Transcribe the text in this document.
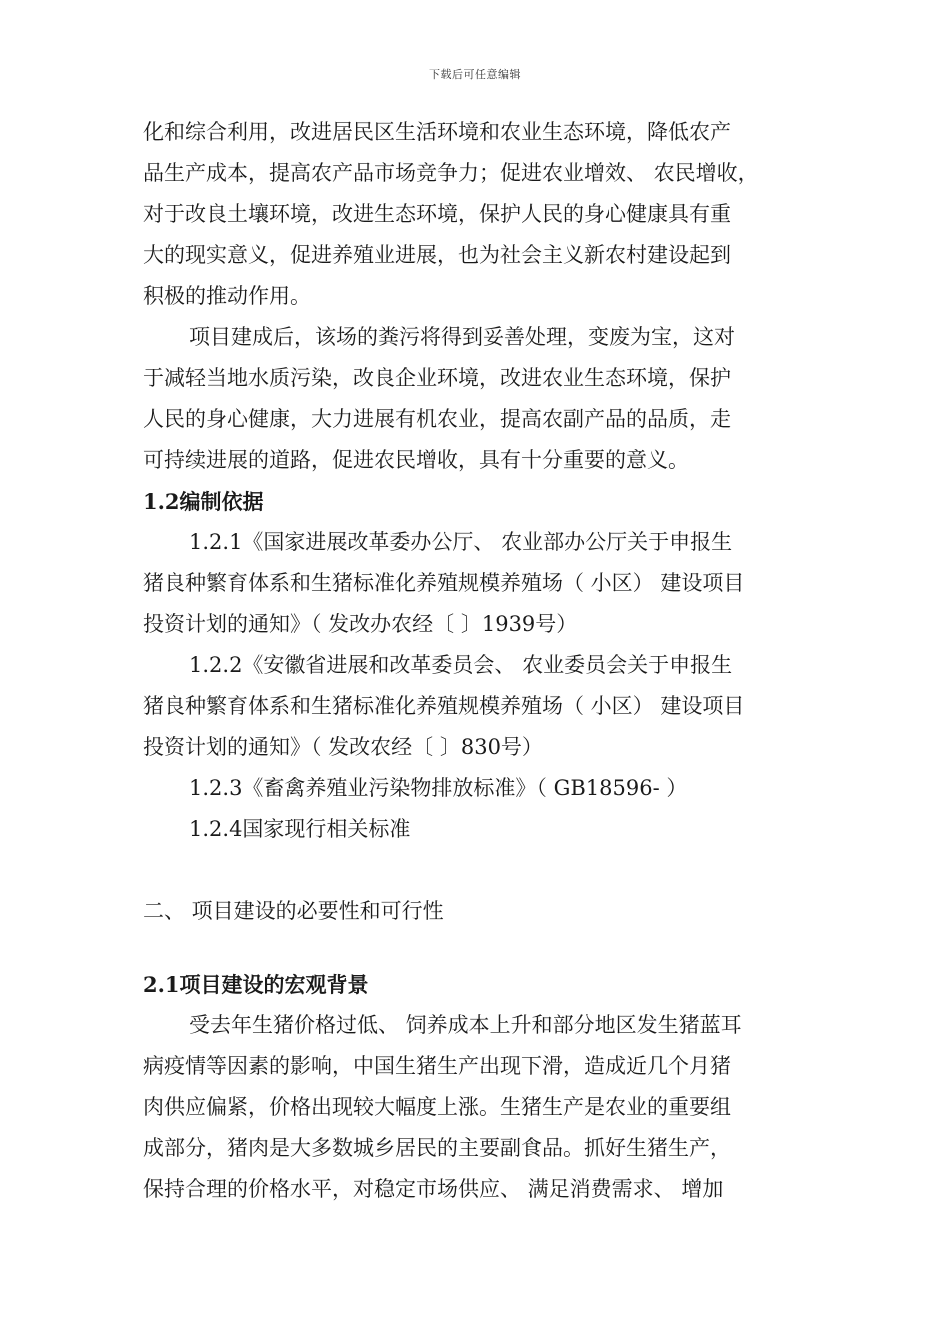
下载后可任意编辑
化和综合利用，改进居民区生活环境和农业生态环境，降低农产
品生产成本，提高农产品市场竞争力；促进农业增效、 农民增收，
对于改良土壤环境，改进生态环境，保护人民的身心健康具有重
大的现实意义，促进养殖业进展，也为社会主义新农村建设起到
积极的推动作用。
项目建成后，该场的粪污将得到妥善处理，变废为宝，这对
于减轻当地水质污染，改良企业环境，改进农业生态环境，保护
人民的身心健康，大力进展有机农业，提高农副产品的品质，走
可持续进展的道路，促进农民增收，具有十分重要的意义。
1.2编制依据
1.2.1《国家进展改革委办公厅、 农业部办公厅关于申报生
猪良种繁育体系和生猪标准化养殖规模养殖场（ 小区） 建设项目
投资计划的通知》（ 发改办农经〔 〕1939号）
1.2.2《安徽省进展和改革委员会、 农业委员会关于申报生
猪良种繁育体系和生猪标准化养殖规模养殖场（ 小区） 建设项目
投资计划的通知》（ 发改农经〔 〕830号）
1.2.3《畜禽养殖业污染物排放标准》（ GB18596- ）
1.2.4国家现行相关标准
二、 项目建设的必要性和可行性
2.1项目建设的宏观背景
受去年生猪价格过低、 饲养成本上升和部分地区发生猪蓝耳
病疫情等因素的影响，中国生猪生产出现下滑，造成近几个月猪
肉供应偏紧，价格出现较大幅度上涨。生猪生产是农业的重要组
成部分，猪肉是大多数城乡居民的主要副食品。抓好生猪生产，
保持合理的价格水平，对稳定市场供应、 满足消费需求、 增加
